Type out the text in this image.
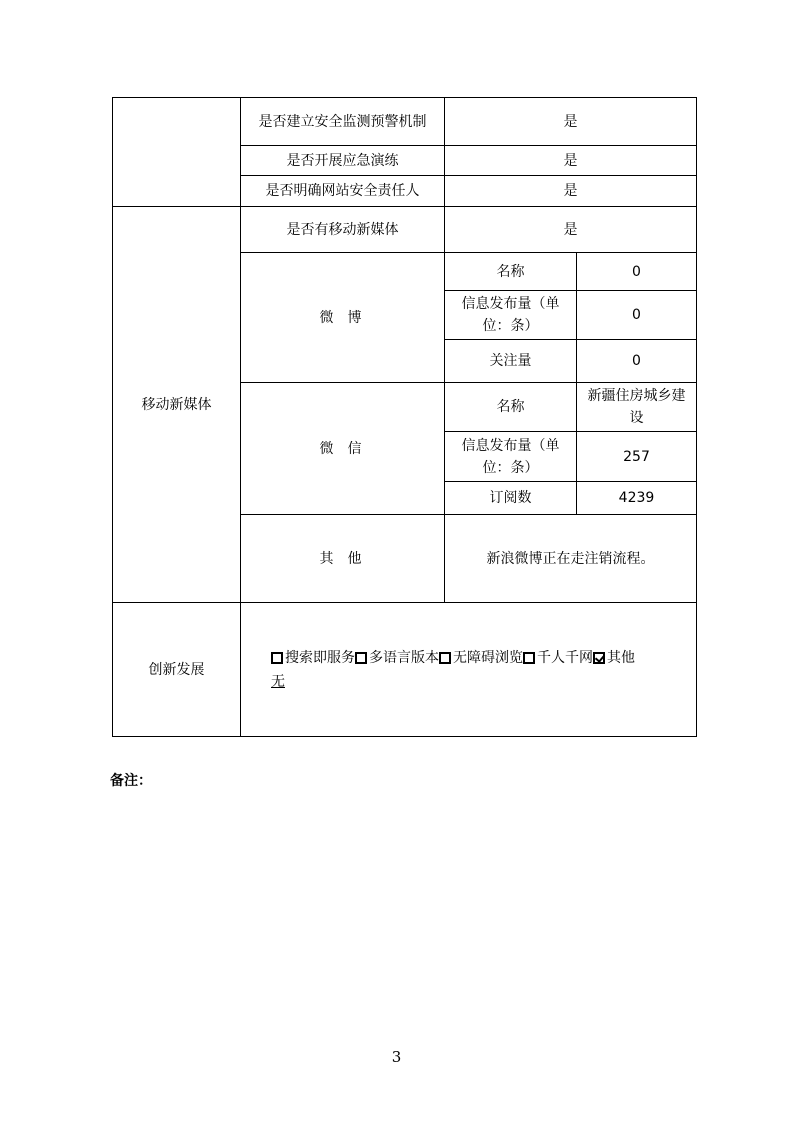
	是否建立安全监测预警机制	是	
	是否开展应急演练	是	
	是否明确网站安全责任人	是	
移动新媒体	是否有移动新媒体	是	
	微博	名称	0
		信息发布量（单位：条）	0
		关注量	0
	微信	名称	新疆住房城乡建设
		信息发布量（单位：条）	257
		订阅数	4239
	其他	新浪微博正在走注销流程。	
创新发展	搜索即服务 多语言版本 无障碍浏览 千人千网 其他
无		
备注：
3
